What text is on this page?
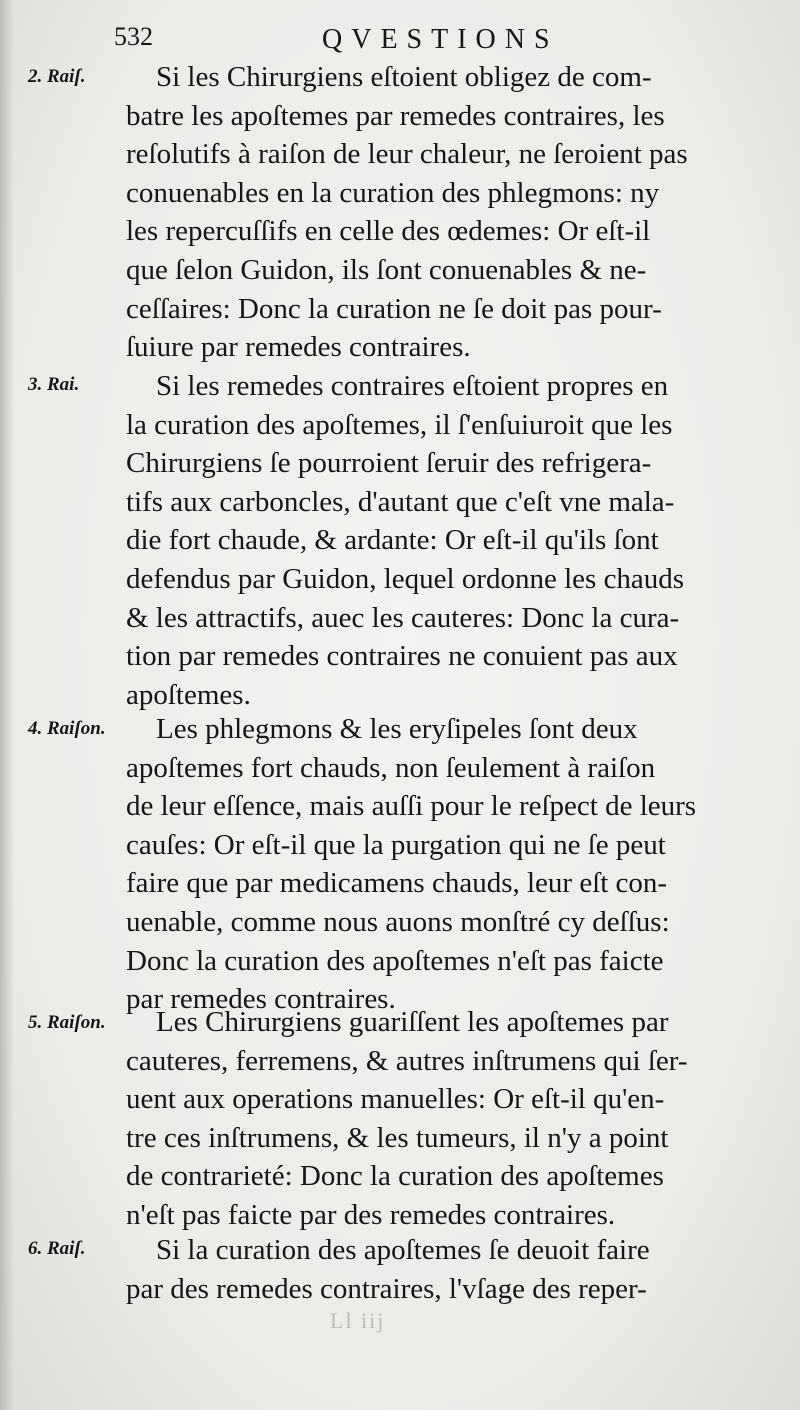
532	QVESTIONS
2. Raiſ.	Si les Chirurgiens eſtoient obligez de com-
batre les apoſtemes par remedes contraires, les
reſolutifs à raiſon de leur chaleur, ne ſeroient pas
conuenables en la curation des phlegmons: ny
les repercuſſifs en celle des œdemes: Or eſt-il
que ſelon Guidon, ils ſont conuenables & ne-
ceſſaires: Donc la curation ne ſe doit pas pour-
ſuiure par remedes contraires.
3. Rai.	Si les remedes contraires eſtoient propres en
la curation des apoſtemes, il ſ'enſuiuroit que les
Chirurgiens ſe pourroient ſeruir des refrigera-
tifs aux carboncles, d'autant que c'eſt vne mala-
die fort chaude, & ardante: Or eſt-il qu'ils ſont
defendus par Guidon, lequel ordonne les chauds
& les attractifs, auec les cauteres: Donc la cura-
tion par remedes contraires ne conuient pas aux
apoſtemes.
4. Raiſon.	Les phlegmons & les eryſipeles ſont deux
apoſtemes fort chauds, non ſeulement à raiſon
de leur eſſence, mais auſſi pour le reſpect de leurs
cauſes: Or eſt-il que la purgation qui ne ſe peut
faire que par medicamens chauds, leur eſt con-
uenable, comme nous auons monſtré cy deſſus:
Donc la curation des apoſtemes n'eſt pas faicte
par remedes contraires.
5. Raiſon.	Les Chirurgiens guariſſent les apoſtemes par
cauteres, ferremens, & autres inſtrumens qui ſer-
uent aux operations manuelles: Or eſt-il qu'en-
tre ces inſtrumens, & les tumeurs, il n'y a point
de contrarieté: Donc la curation des apoſtemes
n'eſt pas faicte par des remedes contraires.
6. Raiſ.	Si la curation des apoſtemes ſe deuoit faire
par des remedes contraires, l'vſage des reper-
Ll iij
